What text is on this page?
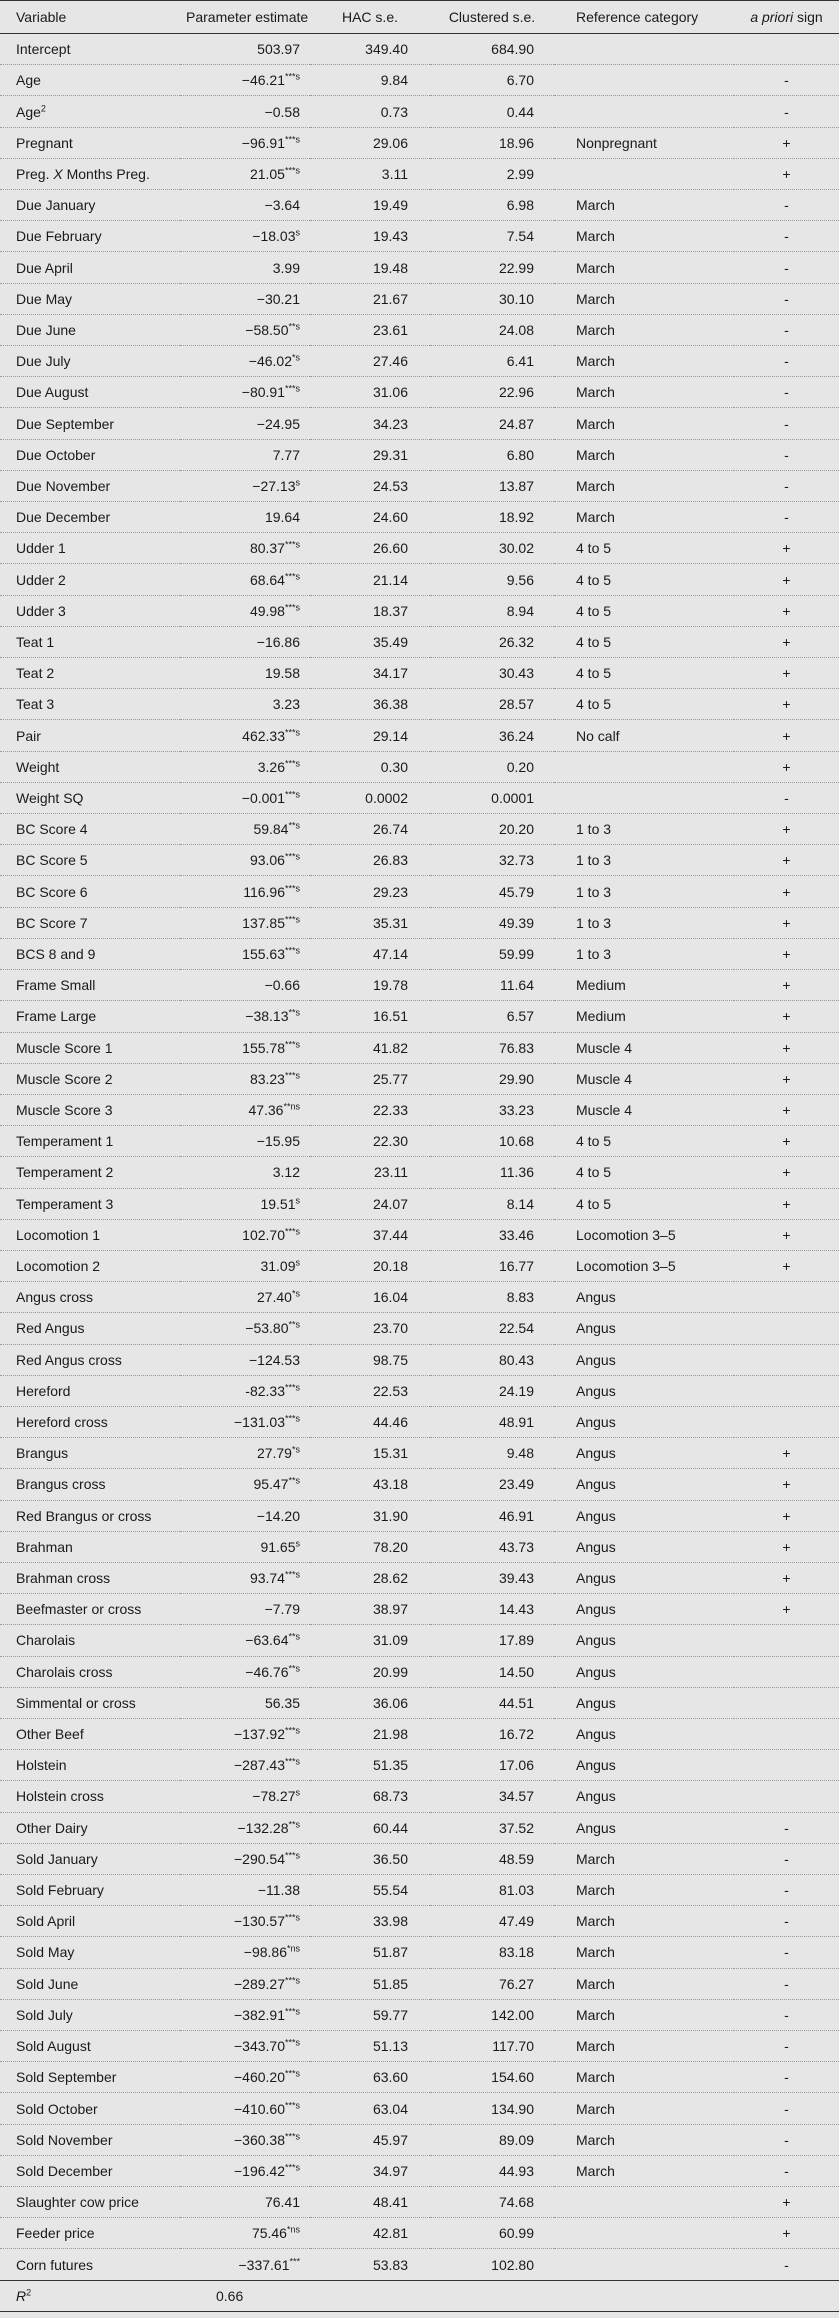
Variable	Parameter estimate	HAC s.e.	Clustered s.e.	Reference category	a priori sign
Intercept	503.97	349.40	684.90		
Age	$-46.21^{***s}$	9.84	6.70		-
Age$^2$	−0.58	0.73	0.44		-
Pregnant	$-96.91^{***s}$	29.06	18.96	Nonpregnant	+
Preg. X Months Preg.	21.05$^{***s}$	3.11	2.99		+
Due January	−3.64	19.49	6.98	March	-
Due February	$-18.03^s$	19.43	7.54	March	-
Due April	3.99	19.48	22.99	March	-
Due May	−30.21	21.67	30.10	March	-
Due June	$-58.50^{**s}$	23.61	24.08	March	-
Due July	$-46.02^{*s}$	27.46	6.41	March	-
Due August	$-80.91^{***s}$	31.06	22.96	March	-
Due September	−24.95	34.23	24.87	March	-
Due October	7.77	29.31	6.80	March	-
Due November	$-27.13^s$	24.53	13.87	March	-
Due December	19.64	24.60	18.92	March	-
Udder 1	80.37$^{***s}$	26.60	30.02	4 to 5	+
Udder 2	68.64$^{***s}$	21.14	9.56	4 to 5	+
Udder 3	49.98$^{***s}$	18.37	8.94	4 to 5	+
Teat 1	−16.86	35.49	26.32	4 to 5	+
Teat 2	19.58	34.17	30.43	4 to 5	+
Teat 3	3.23	36.38	28.57	4 to 5	+
Pair	462.33$^{***s}$	29.14	36.24	No calf	+
Weight	3.26$^{***s}$	0.30	0.20		+
Weight SQ	$-0.001^{***s}$	0.0002	0.0001		-
BC Score 4	59.84$^{**s}$	26.74	20.20	1 to 3	+
BC Score 5	93.06$^{***s}$	26.83	32.73	1 to 3	+
BC Score 6	116.96$^{***s}$	29.23	45.79	1 to 3	+
BC Score 7	137.85$^{***s}$	35.31	49.39	1 to 3	+
BCS 8 and 9	155.63$^{***s}$	47.14	59.99	1 to 3	+
Frame Small	−0.66	19.78	11.64	Medium	+
Frame Large	$-38.13^{**s}$	16.51	6.57	Medium	+
Muscle Score 1	155.78$^{***s}$	41.82	76.83	Muscle 4	+
Muscle Score 2	83.23$^{***s}$	25.77	29.90	Muscle 4	+
Muscle Score 3	$47.36^{**ns}$	22.33	33.23	Muscle 4	+
Temperament 1	−15.95	22.30	10.68	4 to 5	+
Temperament 2	3.12	23.11	11.36	4 to 5	+
Temperament 3	19.51$^s$	24.07	8.14	4 to 5	+
Locomotion 1	102.70$^{***s}$	37.44	33.46	Locomotion 3–5	+
Locomotion 2	31.09$^s$	20.18	16.77	Locomotion 3–5	+
Angus cross	27.40$^{*s}$	16.04	8.83	Angus	
Red Angus	$-53.80^{**s}$	23.70	22.54	Angus	
Red Angus cross	−124.53	98.75	80.43	Angus	
Hereford	-82.33$^{***s}$	22.53	24.19	Angus	
Hereford cross	$-131.03^{***s}$	44.46	48.91	Angus	
Brangus	27.79$^{*s}$	15.31	9.48	Angus	+
Brangus cross	95.47$^{**s}$	43.18	23.49	Angus	+
Red Brangus or cross	−14.20	31.90	46.91	Angus	+
Brahman	91.65$^s$	78.20	43.73	Angus	+
Brahman cross	93.74$^{***s}$	28.62	39.43	Angus	+
Beefmaster or cross	−7.79	38.97	14.43	Angus	+
Charolais	$-63.64^{**s}$	31.09	17.89	Angus	
Charolais cross	$-46.76^{**s}$	20.99	14.50	Angus	
Simmental or cross	56.35	36.06	44.51	Angus	
Other Beef	$-137.92^{***s}$	21.98	16.72	Angus	
Holstein	$-287.43^{***s}$	51.35	17.06	Angus	
Holstein cross	$-78.27^s$	68.73	34.57	Angus	
Other Dairy	$-132.28^{**s}$	60.44	37.52	Angus	-
Sold January	$-290.54^{***s}$	36.50	48.59	March	-
Sold February	−11.38	55.54	81.03	March	-
Sold April	$-130.57^{***s}$	33.98	47.49	March	-
Sold May	$-98.86^{*ns}$	51.87	83.18	March	-
Sold June	$-289.27^{***s}$	51.85	76.27	March	-
Sold July	$-382.91^{***s}$	59.77	142.00	March	-
Sold August	$-343.70^{***s}$	51.13	117.70	March	-
Sold September	$-460.20^{***s}$	63.60	154.60	March	-
Sold October	$-410.60^{***s}$	63.04	134.90	March	-
Sold November	$-360.38^{***s}$	45.97	89.09	March	-
Sold December	$-196.42^{***s}$	34.97	44.93	March	-
Slaughter cow price	76.41	48.41	74.68		+
Feeder price	$75.46^{*ns}$	42.81	60.99		+
Corn futures	−337.61***	53.83	102.80		-
$R^2$	0.66				
